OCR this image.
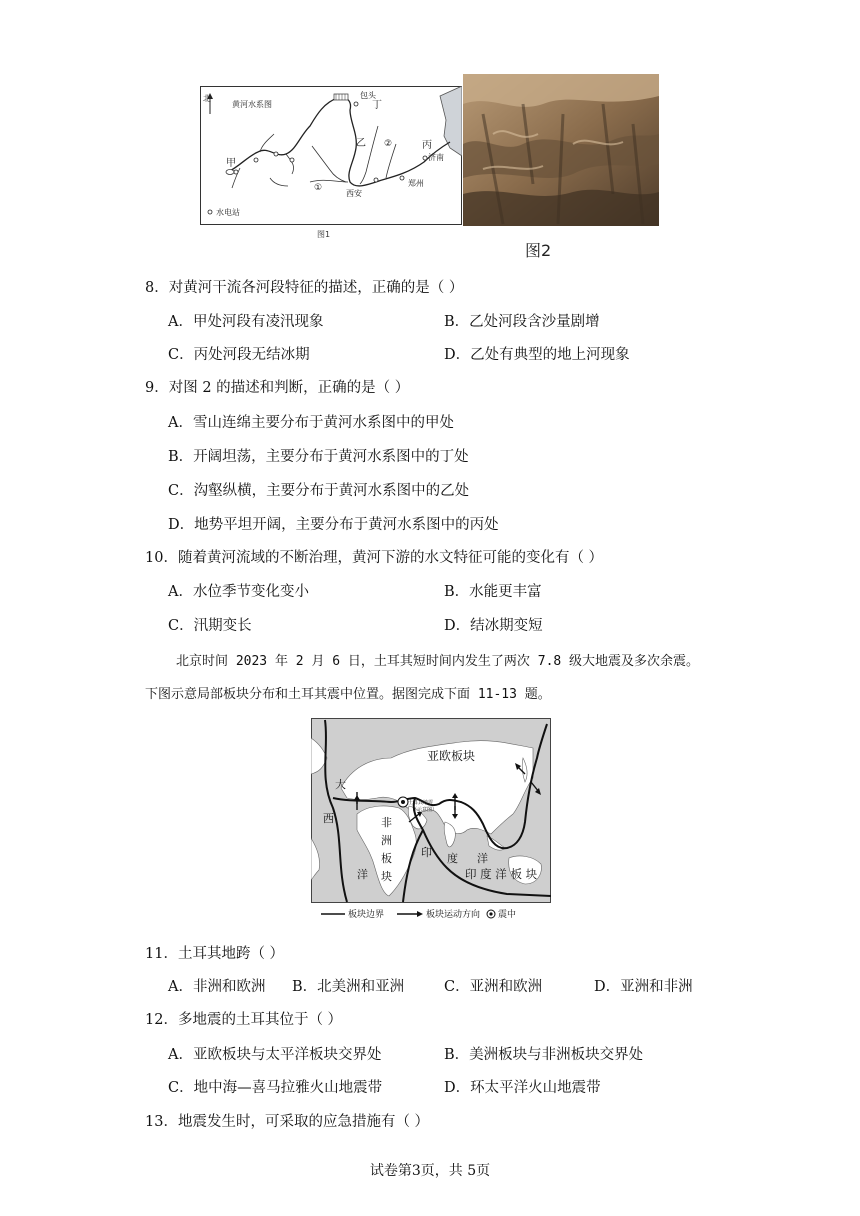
北
黄河水系图
包头
丁
甲
乙 ②	丙
济南
西安
郑州
①
水电站
图1
图2
8．对黄河干流各河段特征的描述，正确的是（ ）
A．甲处河段有凌汛现象	B．乙处河段含沙量剧增
C．丙处河段无结冰期	D．乙处有典型的地上河现象
9．对图 2 的描述和判断，正确的是（ ）
A．雪山连绵主要分布于黄河水系图中的甲处
B．开阔坦荡，主要分布于黄河水系图中的丁处
C．沟壑纵横，主要分布于黄河水系图中的乙处
D．地势平坦开阔，主要分布于黄河水系图中的丙处
10．随着黄河流域的不断治理，黄河下游的水文特征可能的变化有（ ）
A．水位季节变化变小	B．水能更丰富
C．汛期变长	D．结冰期变短
北京时间 2023 年 2 月 6 日，土耳其短时间内发生了两次 7.8 级大地震及多次余震。
下图示意局部板块分布和土耳其震中位置。据图完成下面 11-13 题。
土耳其地震
（示意图）
亚欧板块
大
西
洋
非
洲
板
块
印 度 洋
印 度 洋 板 块
板块边界	板块运动方向 震中
11．土耳其地跨（ ）
A．非洲和欧洲 B．北美洲和亚洲	C．亚洲和欧洲	D．亚洲和非洲
12．多地震的土耳其位于（ ）
A．亚欧板块与太平洋板块交界处	B．美洲板块与非洲板块交界处
C．地中海—喜马拉雅火山地震带	D．环太平洋火山地震带
13．地震发生时，可采取的应急措施有（ ）
试卷第3页，共 5页
